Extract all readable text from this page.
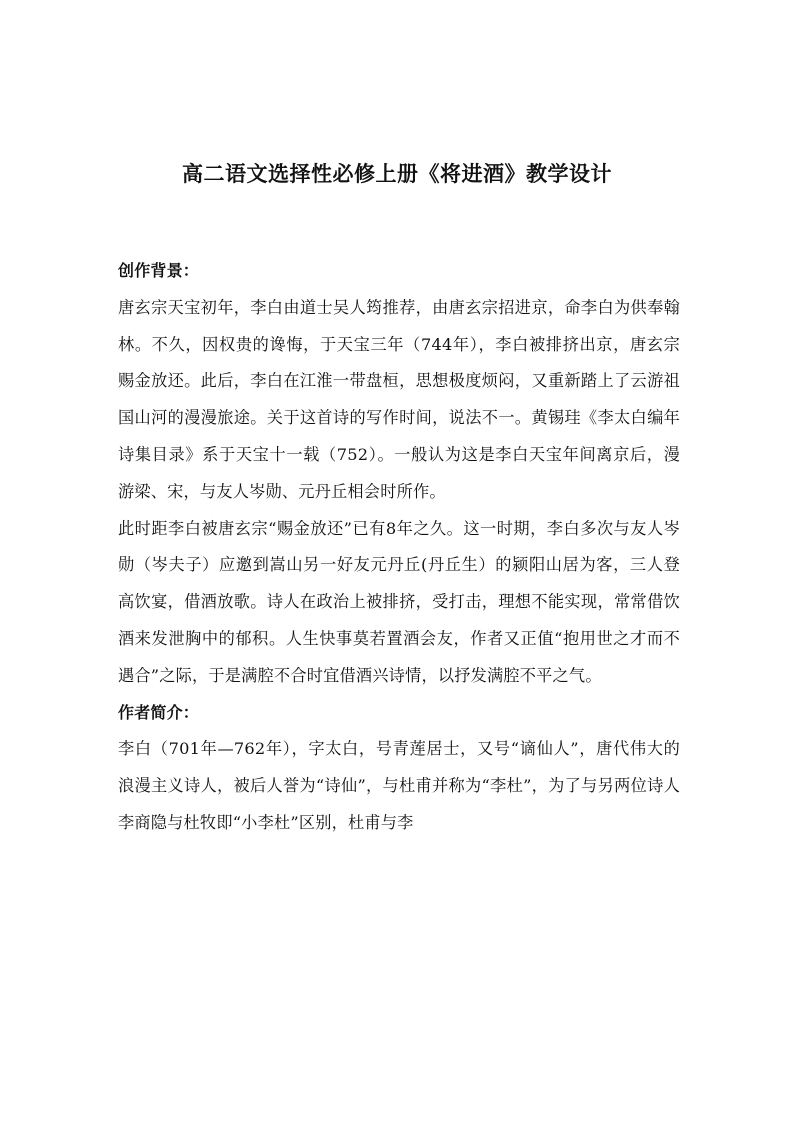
高二语文选择性必修上册《将进酒》教学设计

创作背景：

唐玄宗天宝初年，李白由道士吴人筠推荐，由唐玄宗招进京，命李白为供奉翰林。不久，因权贵的谗悔，于天宝三年（744年），李白被排挤出京，唐玄宗赐金放还。此后，李白在江淮一带盘桓，思想极度烦闷，又重新踏上了云游祖国山河的漫漫旅途。关于这首诗的写作时间，说法不一。黄锡珪《李太白编年诗集目录》系于天宝十一载（752）。一般认为这是李白天宝年间离京后，漫游梁、宋，与友人岑勋、元丹丘相会时所作。

此时距李白被唐玄宗“赐金放还”已有8年之久。这一时期，李白多次与友人岑勋（岑夫子）应邀到嵩山另一好友元丹丘(丹丘生）的颍阳山居为客，三人登高饮宴，借酒放歌。诗人在政治上被排挤，受打击，理想不能实现，常常借饮酒来发泄胸中的郁积。人生快事莫若置酒会友，作者又正值“抱用世之才而不遇合”之际，于是满腔不合时宜借酒兴诗情，以抒发满腔不平之气。

作者简介：

李白（701年—762年），字太白，号青莲居士，又号“谪仙人”，唐代伟大的浪漫主义诗人，被后人誉为“诗仙”，与杜甫并称为“李杜”，为了与另两位诗人李商隐与杜牧即“小李杜”区别，杜甫与李
